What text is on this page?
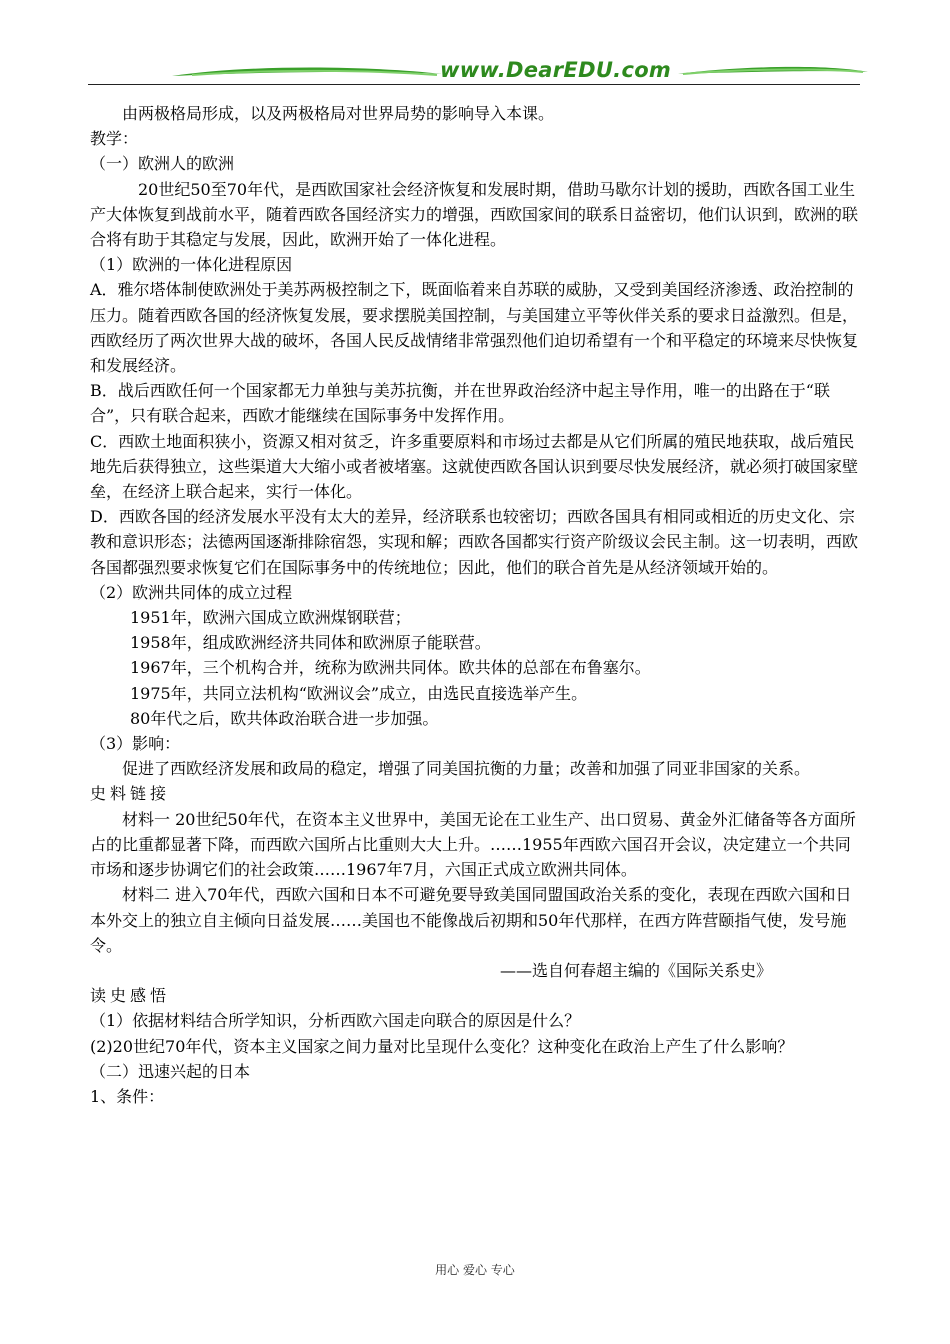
www.DearEDU.com

由两极格局形成，以及两极格局对世界局势的影响导入本课。

教学：

（一）欧洲人的欧洲

20世纪50至70年代，是西欧国家社会经济恢复和发展时期，借助马歇尔计划的援助，西欧各国工业生产大体恢复到战前水平，随着西欧各国经济实力的增强，西欧国家间的联系日益密切，他们认识到，欧洲的联合将有助于其稳定与发展，因此，欧洲开始了一体化进程。

（1）欧洲的一体化进程原因

A．雅尔塔体制使欧洲处于美苏两极控制之下，既面临着来自苏联的威胁，又受到美国经济渗透、政治控制的压力。随着西欧各国的经济恢复发展，要求摆脱美国控制，与美国建立平等伙伴关系的要求日益激烈。但是，西欧经历了两次世界大战的破坏，各国人民反战情绪非常强烈他们迫切希望有一个和平稳定的环境来尽快恢复和发展经济。

B．战后西欧任何一个国家都无力单独与美苏抗衡，并在世界政治经济中起主导作用，唯一的出路在于“联合”，只有联合起来，西欧才能继续在国际事务中发挥作用。

C．西欧土地面积狭小，资源又相对贫乏，许多重要原料和市场过去都是从它们所属的殖民地获取，战后殖民地先后获得独立，这些渠道大大缩小或者被堵塞。这就使西欧各国认识到要尽快发展经济，就必须打破国家壁垒，在经济上联合起来，实行一体化。

D．西欧各国的经济发展水平没有太大的差异，经济联系也较密切；西欧各国具有相同或相近的历史文化、宗教和意识形态；法德两国逐渐排除宿怨，实现和解；西欧各国都实行资产阶级议会民主制。这一切表明，西欧各国都强烈要求恢复它们在国际事务中的传统地位；因此，他们的联合首先是从经济领域开始的。

（2）欧洲共同体的成立过程

1951年，欧洲六国成立欧洲煤钢联营；

1958年，组成欧洲经济共同体和欧洲原子能联营。

1967年，三个机构合并，统称为欧洲共同体。欧共体的总部在布鲁塞尔。

1975年，共同立法机构“欧洲议会”成立，由选民直接选举产生。

80年代之后，欧共体政治联合进一步加强。

（3）影响：

促进了西欧经济发展和政局的稳定，增强了同美国抗衡的力量；改善和加强了同亚非国家的关系。

史料链接

材料一 20世纪50年代，在资本主义世界中，美国无论在工业生产、出口贸易、黄金外汇储备等各方面所占的比重都显著下降，而西欧六国所占比重则大大上升。……1955年西欧六国召开会议，决定建立一个共同市场和逐步协调它们的社会政策……1967年7月，六国正式成立欧洲共同体。

材料二 进入70年代，西欧六国和日本不可避免要导致美国同盟国政治关系的变化，表现在西欧六国和日本外交上的独立自主倾向日益发展……美国也不能像战后初期和50年代那样，在西方阵营颐指气使，发号施令。

——选自何春超主编的《国际关系史》

读史感悟

（1）依据材料结合所学知识，分析西欧六国走向联合的原因是什么？

(2)20世纪70年代，资本主义国家之间力量对比呈现什么变化？这种变化在政治上产生了什么影响？

（二）迅速兴起的日本

1、条件：

用心 爱心 专心
